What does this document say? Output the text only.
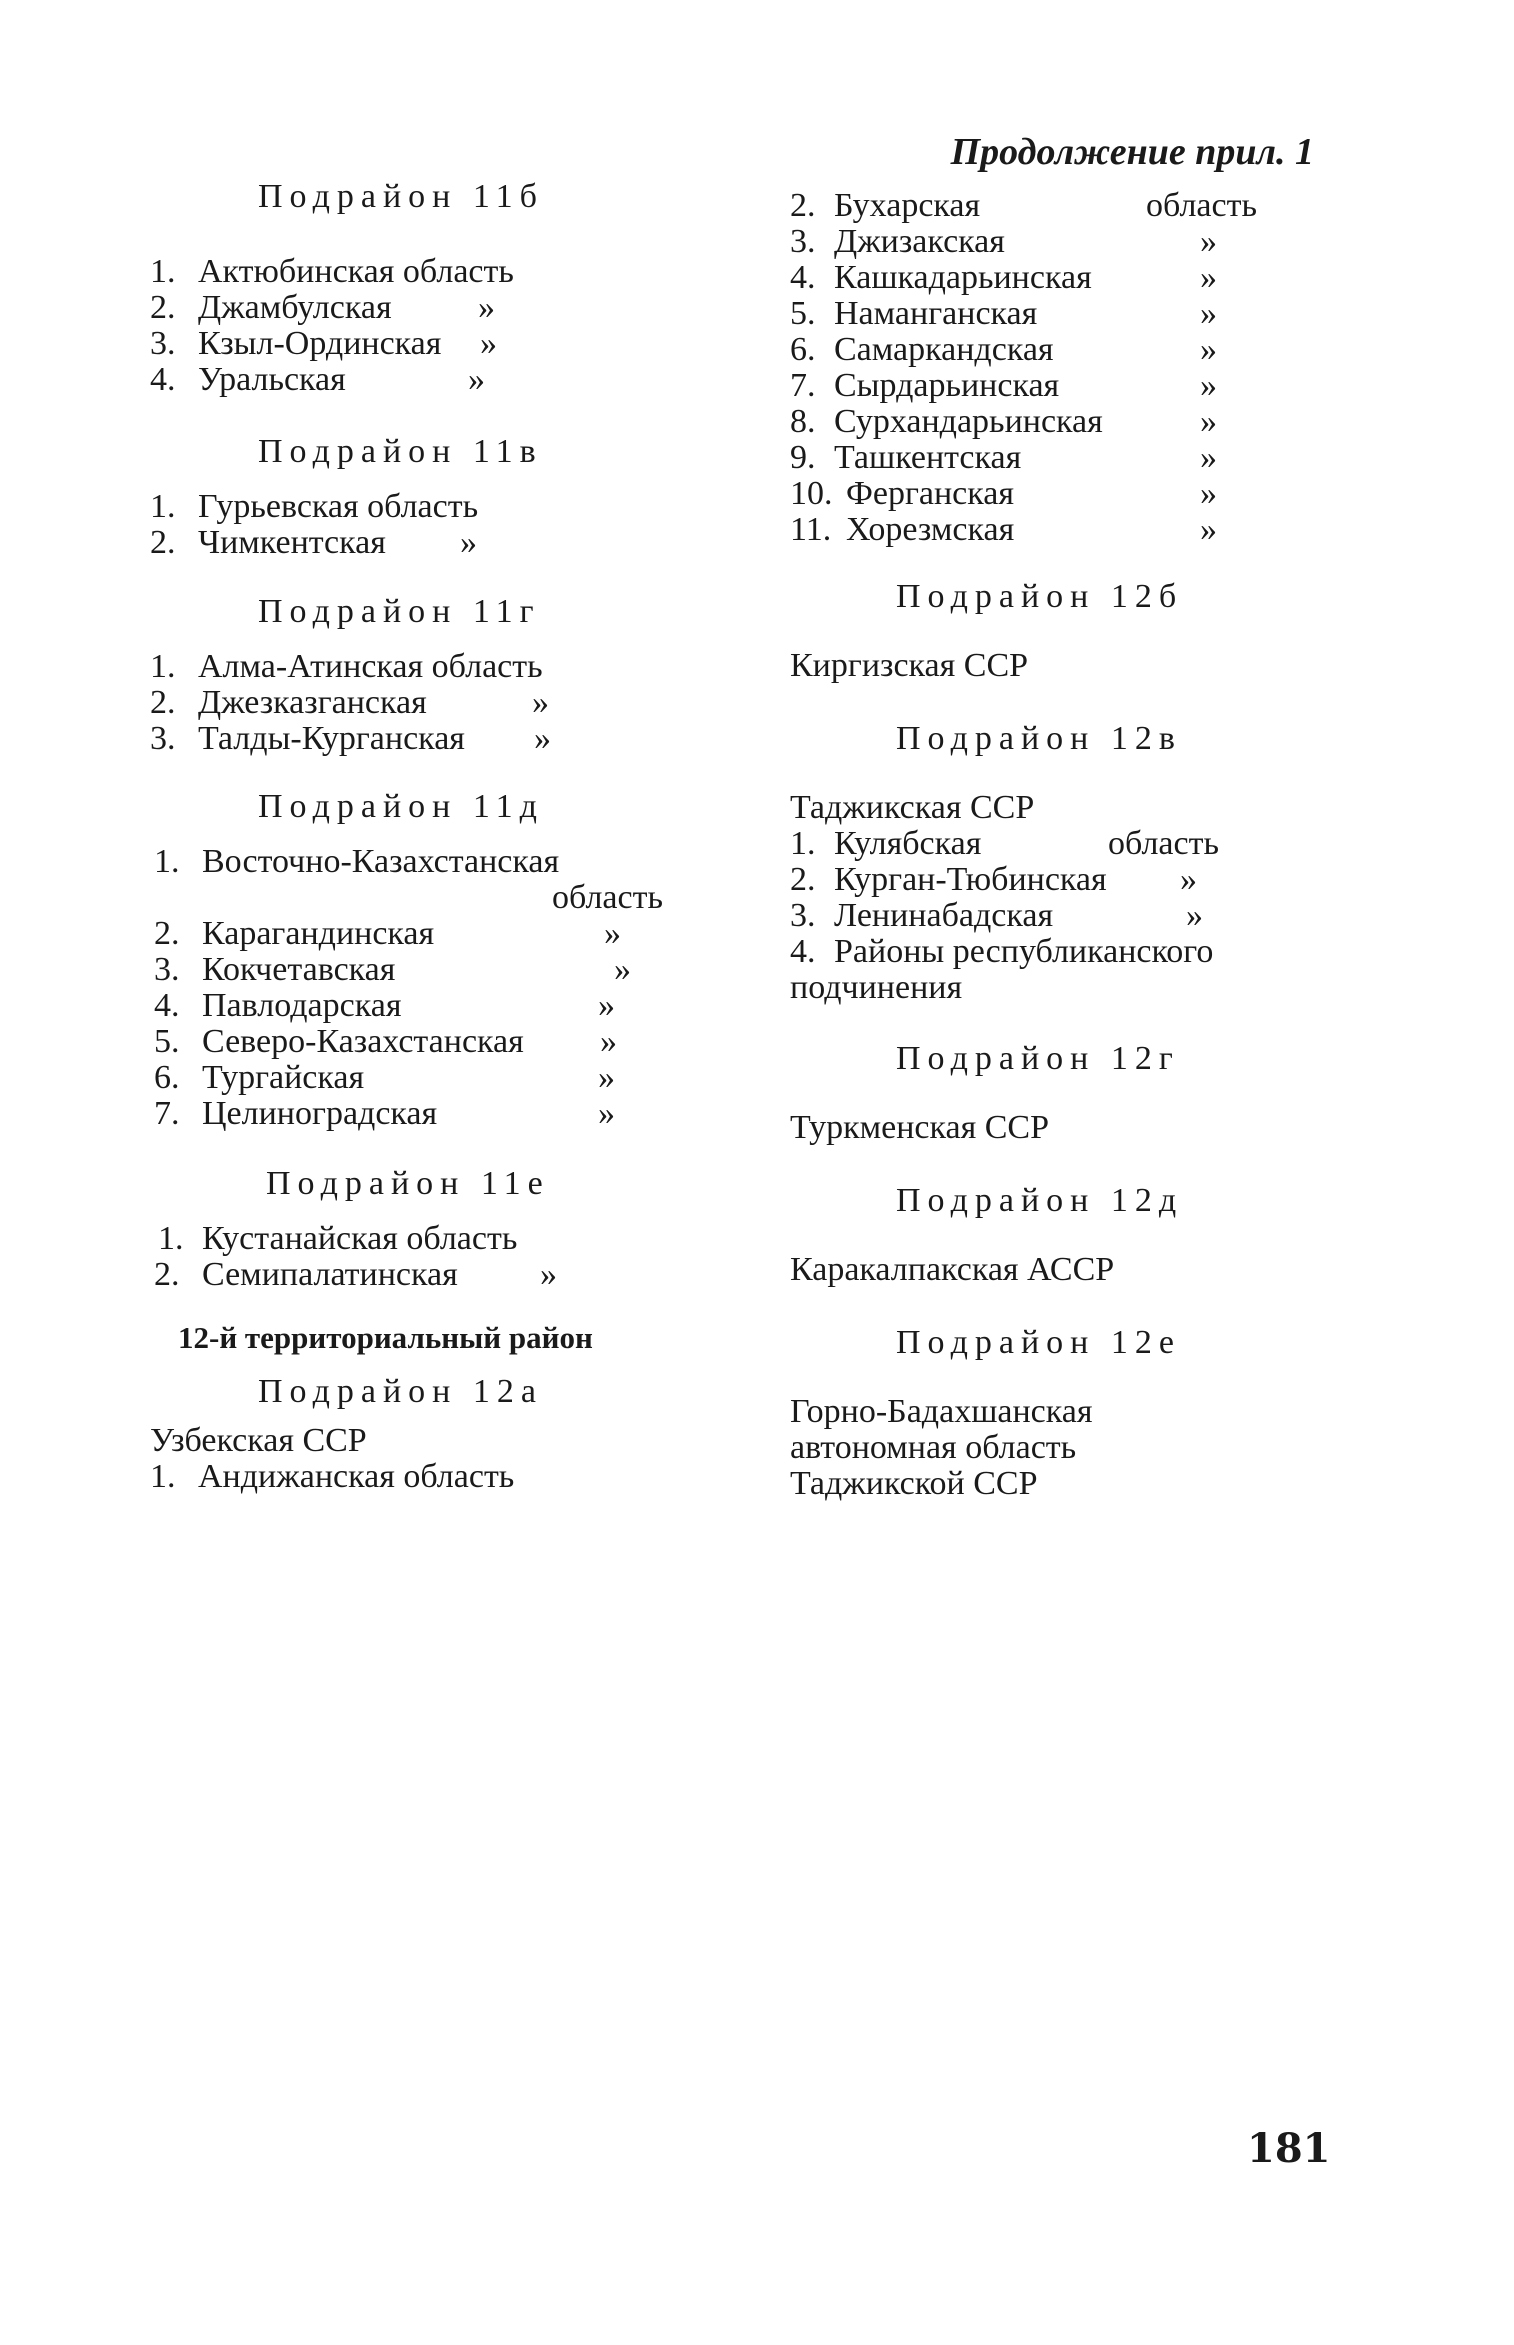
Продолжение прил. 1
Подрайон 11б
1. Актюбинская область
2. Джамбулская	»
3. Кзыл-Ординская »
4. Уральская	»
Подрайон 11в
1. Гурьевская область
2. Чимкентская »
Подрайон 11г
1. Алма-Атинская область
2. Джезказганская	»
3. Талды-Курганская »
Подрайон 11д
1. Восточно-Казахстанская
область
2. Карагандинская	»
3. Кокчетавская	»
4. Павлодарская	»
5. Северо-Казахстанская »
6. Тургайская	»
7. Целиноградская	»
Подрайон 11е
1. Кустанайская область
2. Семипалатинская »
12-й территориальный район
Подрайон 12а
Узбекская ССР
1. Андижанская область
2. Бухарская	область
3. Джизакская	»
4. Кашкадарьинская	»
5. Наманганская	»
6. Самаркандская	»
7. Сырдарьинская	»
8. Сурхандарьинская	»
9. Ташкентская	»
10. Ферганская	»
11. Хорезмская	»
Подрайон 12б
Киргизская ССР
Подрайон 12в
Таджикская ССР
1. Кулябская	область
2. Курган-Тюбинская »
3. Ленинабадская	»
4. Районы республиканского
подчинения
Подрайон 12г
Туркменская ССР
Подрайон 12д
Каракалпакская АССР
Подрайон 12е
Горно-Бадахшанская
автономная область
Таджикской ССР
181
